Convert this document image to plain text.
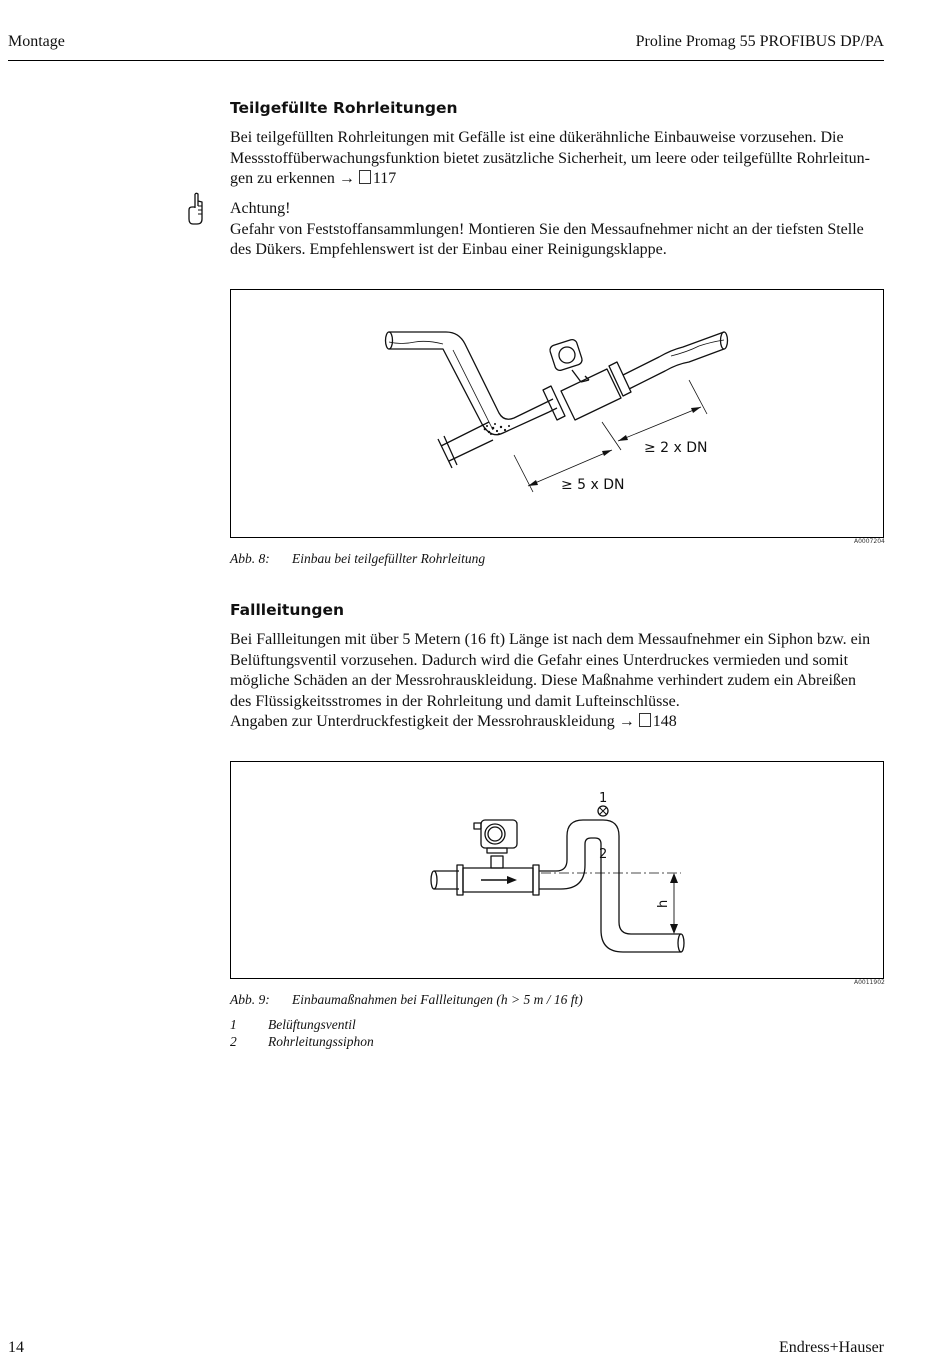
Montage	Proline Promag 55 PROFIBUS DP/PA
Teilgefüllte Rohrleitungen

Bei teilgefüllten Rohrleitungen mit Gefälle ist eine dükerähnliche Einbauweise vorzusehen. Die

Messstoffüberwachungsfunktion bietet zusätzliche Sicherheit, um leere oder teilgefüllte Rohrleitun-

gen zu erkennen → 117

Achtung!

Gefahr von Feststoffansammlungen! Montieren Sie den Messaufnehmer nicht an der tiefsten Stelle

des Dükers. Empfehlenswert ist der Einbau einer Reinigungsklappe.

≥ 2 x DN
≥ 5 x DN
A0007204
Abb. 8: Einbau bei teilgefüllter Rohrleitung
Fallleitungen

Bei Fallleitungen mit über 5 Metern (16 ft) Länge ist nach dem Messaufnehmer ein Siphon bzw. ein

Belüftungsventil vorzusehen. Dadurch wird die Gefahr eines Unterdruckes vermieden und somit

mögliche Schäden an der Messrohrauskleidung. Diese Maßnahme verhindert zudem ein Abreißen

des Flüssigkeitsstromes in der Rohrleitung und damit Lufteinschlüsse.

Angaben zur Unterdruckfestigkeit der Messrohrauskleidung → 148

1
2
h
A0011902
Abb. 9: Einbaumaßnahmen bei Fallleitungen (h > 5 m / 16 ft)
1 Belüftungsventil
2 Rohrleitungssiphon
14	Endress+Hauser
